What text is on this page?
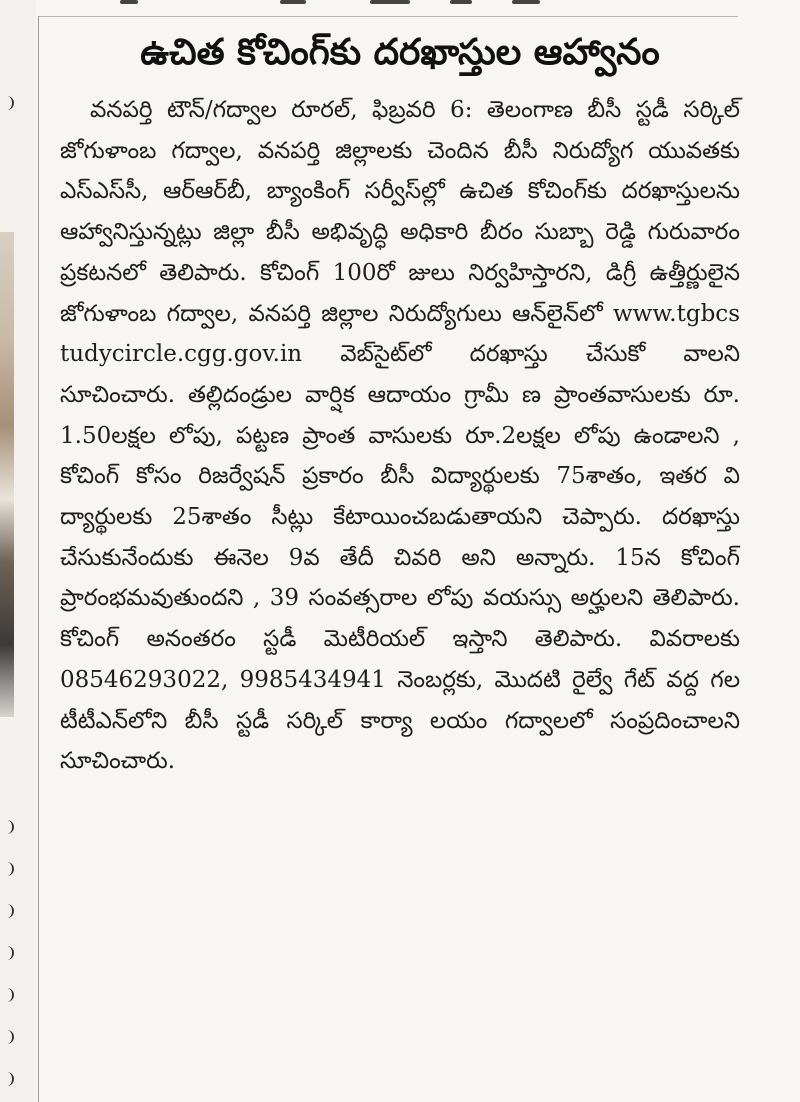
ఉచిత కోచింగ్‌కు దరఖాస్తుల ఆహ్వానం

వనపర్తి టౌన్/గద్వాల రూరల్, ఫిబ్రవరి 6: తెలంగాణ బీసీ స్టడీ సర్కిల్ జోగుళాంబ గద్వాల, వనపర్తి జిల్లాలకు చెందిన బీసీ నిరుద్యోగ యువతకు ఎస్‌ఎస్‌సీ, ఆర్‌ఆర్‌బీ, బ్యాంకింగ్ సర్వీస్‌ల్లో ఉచిత కోచింగ్‌కు దరఖాస్తులను ఆహ్వానిస్తున్నట్లు జిల్లా బీసీ అభివృద్ధి అధికారి బీరం సుబ్బా రెడ్డి గురువారం ప్రకటనలో తెలిపారు. కోచింగ్ 100రో జులు నిర్వహిస్తారని, డిగ్రీ ఉత్తీర్ణులైన జోగుళాంబ గద్వాల, వనపర్తి జిల్లాల నిరుద్యోగులు ఆన్‌లైన్‌లో www.tgbcs tudycircle.cgg.gov.in వెబ్‌సైట్‌లో దరఖాస్తు చేసుకో వాలని సూచించారు. తల్లిదండ్రుల వార్షిక ఆదాయం గ్రామీ ణ ప్రాంతవాసులకు రూ. 1.50లక్షల లోపు, పట్టణ ప్రాంత వాసులకు రూ.2లక్షల లోపు ఉండాలని , కోచింగ్ కోసం రిజర్వేషన్ ప్రకారం బీసీ విద్యార్థులకు 75శాతం, ఇతర వి ద్యార్థులకు 25శాతం సీట్లు కేటాయించబడుతాయని చెప్పారు. దరఖాస్తు చేసుకునేందుకు ఈనెల 9వ తేదీ చివరి అని అన్నారు. 15న కోచింగ్ ప్రారంభమవుతుందని , 39 సంవత్సరాల లోపు వయస్సు అర్హులని తెలిపారు. కోచింగ్ అనంతరం స్టడీ మెటీరియల్ ఇస్తాని తెలిపారు. వివరాలకు 08546293022, 9985434941 నెంబర్లకు, మొదటి రైల్వే గేట్ వద్ద గల టీటీఎన్‌లోని బీసీ స్టడీ సర్కిల్ కార్యా లయం గద్వాలలో సంప్రదించాలని సూచించారు.
